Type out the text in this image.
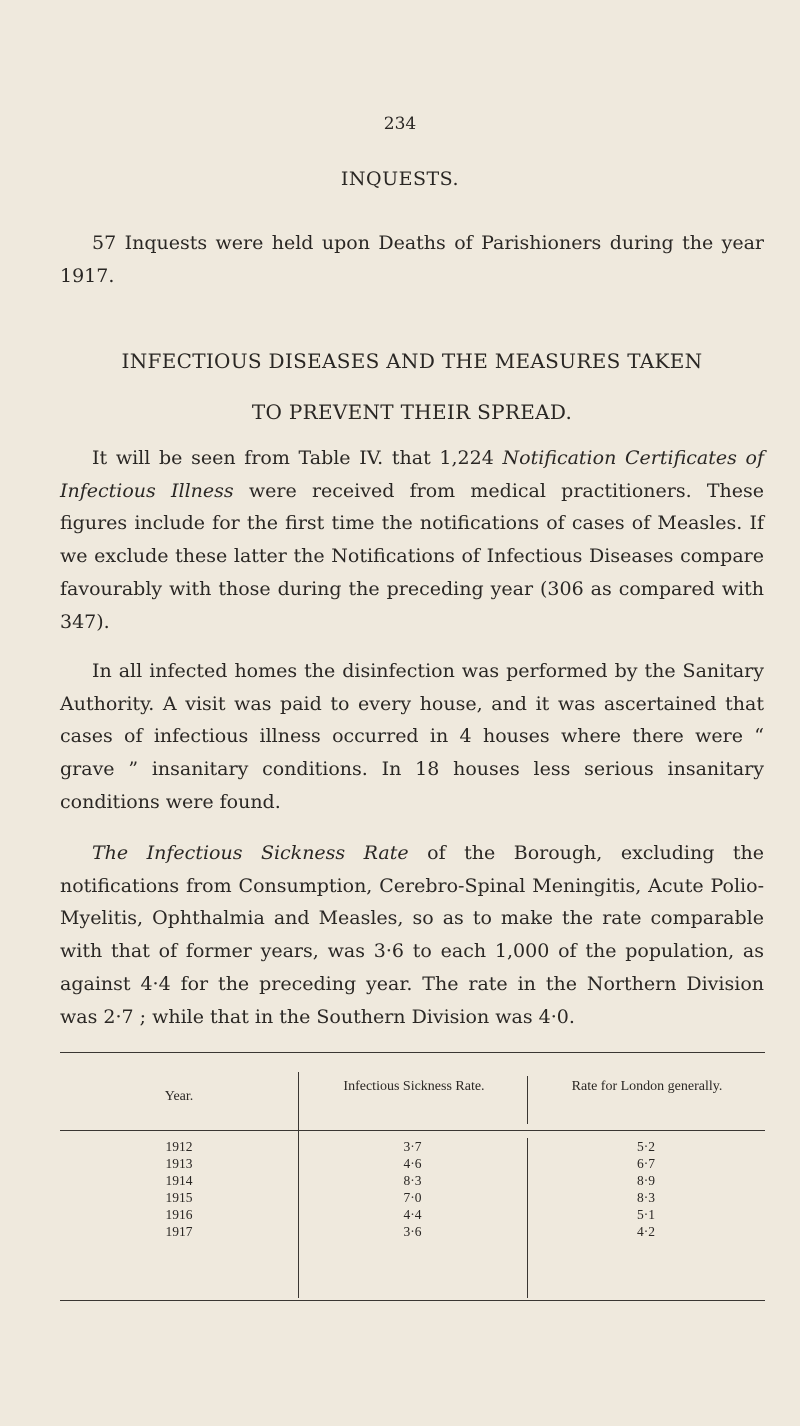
234
INQUESTS.

57 Inquests were held upon Deaths of Parishioners during the year 1917.

INFECTIOUS DISEASES AND THE MEASURES TAKEN
TO PREVENT THEIR SPREAD.

It will be seen from Table IV. that 1,224 Notification Certificates of Infectious Illness were received from medical practitioners. These figures include for the first time the notifications of cases of Measles. If we exclude these latter the Notifications of Infectious Diseases compare favourably with those during the preceding year (306 as compared with 347).

In all infected homes the disinfection was performed by the Sanitary Authority. A visit was paid to every house, and it was ascertained that cases of infectious illness occurred in 4 houses where there were “ grave ” insanitary conditions. In 18 houses less serious insanitary conditions were found.

The Infectious Sickness Rate of the Borough, excluding the notifications from Consumption, Cerebro-Spinal Meningitis, Acute Polio-Myelitis, Ophthalmia and Measles, so as to make the rate comparable with that of former years, was 3·6 to each 1,000 of the population, as against 4·4 for the preceding year. The rate in the Northern Division was 2·7 ; while that in the Southern Division was 4·0.

Year.
Infectious Sickness Rate.	Rate for London generally.
1912
1913
1914
1915
1916
1917
3·7
4·6
8·3
7·0
4·4
3·6
5·2
6·7
8·9
8·3
5·1
4·2
